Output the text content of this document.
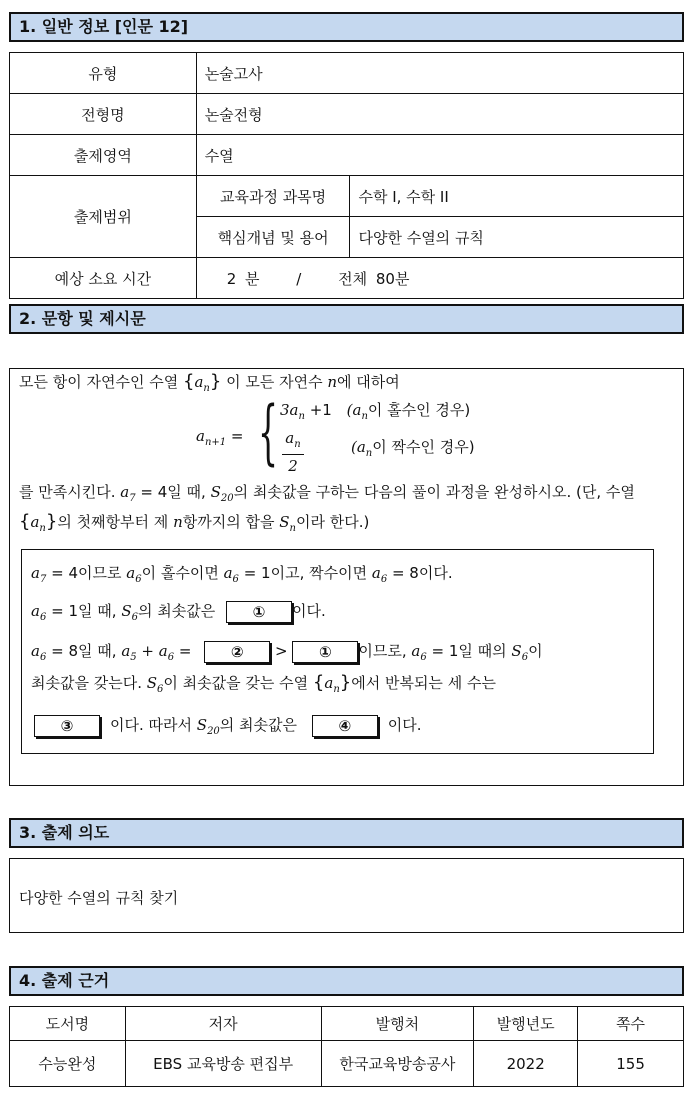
1. 일반 정보 [인문 12]
유형	논술고사	
전형명	논술전형	
출제영역	수열	
출제범위	교육과정 과목명	수학 I, 수학 II
	핵심개념 및 용어	다양한 수열의 규칙
예상 소요 시간	2 분 / 전체 80분	
2. 문항 및 제시문
모든 항이 자연수인 수열 $\{a_n\}$ 이 모든 자연수 n에 대하여
$a_{n+1}$ = { $3a_n +1$ ($a_n$이 홀수인 경우)
$a_n$
2
($a_n$이 짝수인 경우)
를 만족시킨다. $a_7 = 4$일 때, $S_{20}$의 최솟값을 구하는 다음의 풀이 과정을 완성하시오. (단, 수열
$\{a_n\}$의 첫째항부터 제 n항까지의 합을 $S_n$이라 한다.)
$a_7 = 4$이므로 $a_6$이 홀수이면 $a_6 = 1$이고, 짝수이면 $a_6 = 8$이다.
$a_6 = 1$일 때, $S_6$의 최솟값은 ① 이다.
$a_6 = 8$일 때, $a_5 + a_6$ =	② > ① 이므로, $a_6 = 1$일 때의 $S_6$이
최솟값을 갖는다. $S_6$이 최솟값을 갖는 수열 $\{a_n\}$에서 반복되는 세 수는
③ 이다. 따라서 $S_{20}$의 최솟값은	④ 이다.
3. 출제 의도
다양한 수열의 규칙 찾기
4. 출제 근거
도서명	저자	발행처	발행년도	쪽수
수능완성	EBS 교육방송 편집부	한국교육방송공사	2022	155
